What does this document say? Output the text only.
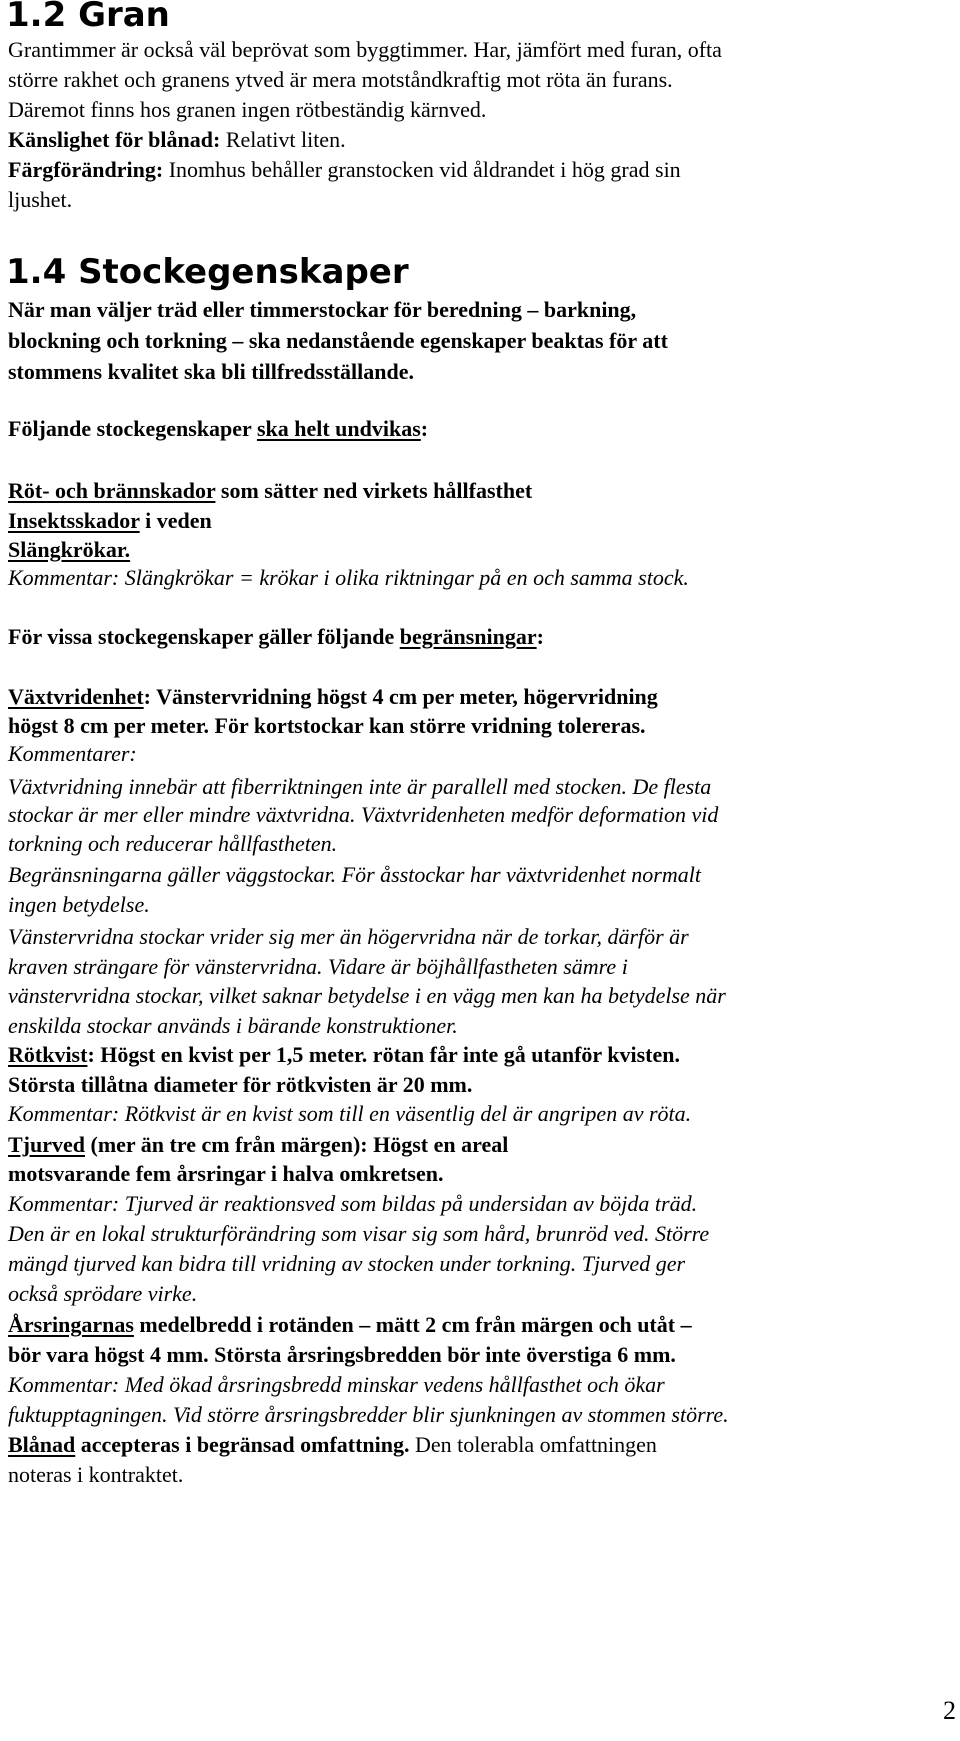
1.2 Gran
Grantimmer är också väl beprövat som byggtimmer. Har, jämfört med furan, ofta
större rakhet och granens ytved är mera motståndkraftig mot röta än furans.
Däremot finns hos granen ingen rötbeständig kärnved.
Känslighet för blånad: Relativt liten.
Färgförändring: Inomhus behåller granstocken vid åldrandet i hög grad sin
ljushet.
1.4 Stockegenskaper
När man väljer träd eller timmerstockar för beredning – barkning,
blockning och torkning – ska nedanstående egenskaper beaktas för att
stommens kvalitet ska bli tillfredsställande.
Följande stockegenskaper ska helt undvikas:
Röt- och brännskador som sätter ned virkets hållfasthet
Insektsskador i veden
Slängkrökar.
Kommentar: Slängkrökar = krökar i olika riktningar på en och samma stock.
För vissa stockegenskaper gäller följande begränsningar:
Växtvridenhet: Vänstervridning högst 4 cm per meter, högervridning
högst 8 cm per meter. För kortstockar kan större vridning tolereras.
Kommentarer:
Växtvridning innebär att fiberriktningen inte är parallell med stocken. De flesta
stockar är mer eller mindre växtvridna. Växtvridenheten medför deformation vid
torkning och reducerar hållfastheten.
Begränsningarna gäller väggstockar. För åsstockar har växtvridenhet normalt
ingen betydelse.
Vänstervridna stockar vrider sig mer än högervridna när de torkar, därför är
kraven strängare för vänstervridna. Vidare är böjhållfastheten sämre i
vänstervridna stockar, vilket saknar betydelse i en vägg men kan ha betydelse när
enskilda stockar används i bärande konstruktioner.
Rötkvist: Högst en kvist per 1,5 meter. rötan får inte gå utanför kvisten.
Största tillåtna diameter för rötkvisten är 20 mm.
Kommentar: Rötkvist är en kvist som till en väsentlig del är angripen av röta.
Tjurved (mer än tre cm från märgen): Högst en areal
motsvarande fem årsringar i halva omkretsen.
Kommentar: Tjurved är reaktionsved som bildas på undersidan av böjda träd.
Den är en lokal strukturförändring som visar sig som hård, brunröd ved. Större
mängd tjurved kan bidra till vridning av stocken under torkning. Tjurved ger
också sprödare virke.
Årsringarnas medelbredd i rotänden – mätt 2 cm från märgen och utåt –
bör vara högst 4 mm. Största årsringsbredden bör inte överstiga 6 mm.
Kommentar: Med ökad årsringsbredd minskar vedens hållfasthet och ökar
fuktupptagningen. Vid större årsringsbredder blir sjunkningen av stommen större.
Blånad accepteras i begränsad omfattning. Den tolerabla omfattningen
noteras i kontraktet.
2
